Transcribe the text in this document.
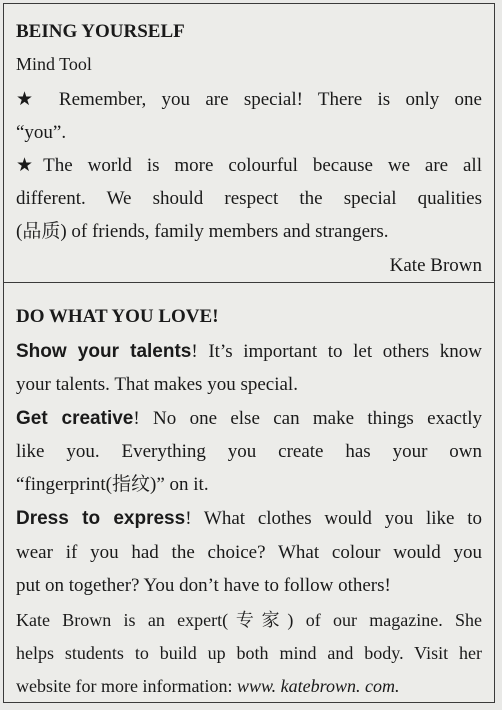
BEING YOURSELF
Mind Tool
★ Remember, you are special! There is only one
“you”.
★The world is more colourful because we are all
different. We should respect the special qualities
(品质) of friends, family members and strangers.
Kate Brown
DO WHAT YOU LOVE!
Show your talents! It’s important to let others know
your talents. That makes you special.
Get creative! No one else can make things exactly
like you. Everything you create has your own
“fingerprint(指纹)” on it.
Dress to express! What clothes would you like to
wear if you had the choice? What colour would you
put on together? You don’t have to follow others!
Kate Brown is an expert(专家) of our magazine. She
helps students to build up both mind and body. Visit her
website for more information: www. katebrown. com.
